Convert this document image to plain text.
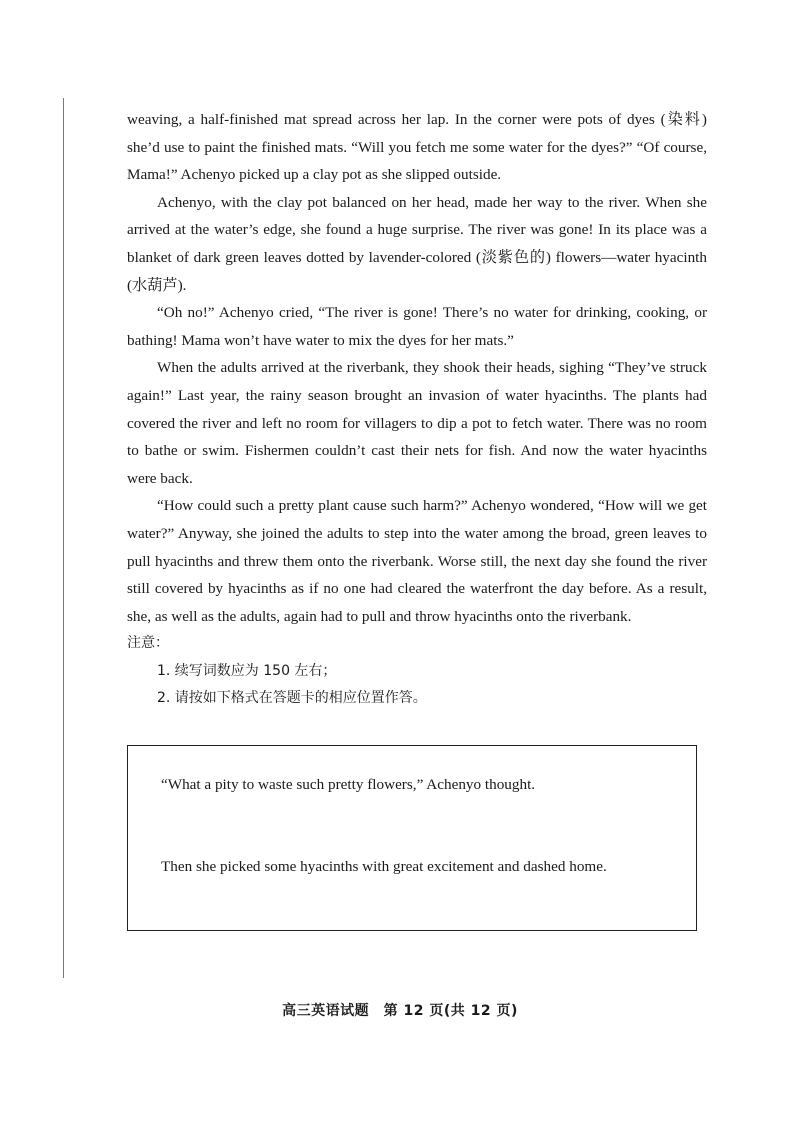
weaving, a half-finished mat spread across her lap. In the corner were pots of dyes (染料) she’d use to paint the finished mats. “Will you fetch me some water for the dyes?” “Of course, Mama!” Achenyo picked up a clay pot as she slipped outside.

Achenyo, with the clay pot balanced on her head, made her way to the river. When she arrived at the water’s edge, she found a huge surprise. The river was gone! In its place was a blanket of dark green leaves dotted by lavender-colored (淡紫色的) flowers—water hyacinth (水葫芦).

“Oh no!” Achenyo cried, “The river is gone! There’s no water for drinking, cooking, or bathing! Mama won’t have water to mix the dyes for her mats.”

When the adults arrived at the riverbank, they shook their heads, sighing “They’ve struck again!” Last year, the rainy season brought an invasion of water hyacinths. The plants had covered the river and left no room for villagers to dip a pot to fetch water. There was no room to bathe or swim. Fishermen couldn’t cast their nets for fish. And now the water hyacinths were back.

“How could such a pretty plant cause such harm?” Achenyo wondered, “How will we get water?” Anyway, she joined the adults to step into the water among the broad, green leaves to pull hyacinths and threw them onto the riverbank. Worse still, the next day she found the river still covered by hyacinths as if no one had cleared the waterfront the day before. As a result, she, as well as the adults, again had to pull and throw hyacinths onto the riverbank.

注意：

1. 续写词数应为 150 左右；

2. 请按如下格式在答题卡的相应位置作答。

“What a pity to waste such pretty flowers,” Achenyo thought.

Then she picked some hyacinths with great excitement and dashed home.

高三英语试题　第 12 页(共 12 页)
